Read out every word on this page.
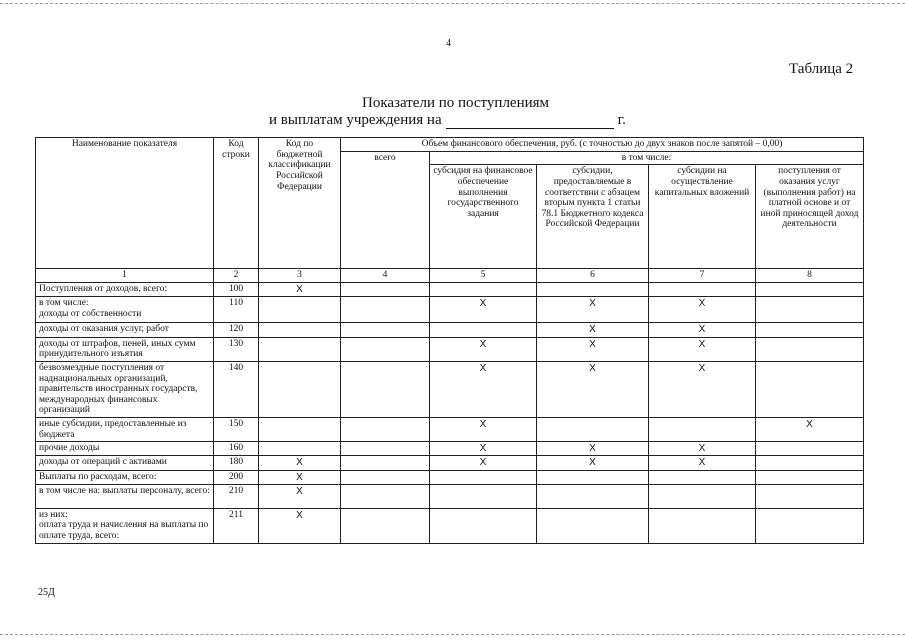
4
Таблица 2
Показатели по поступлениям
и выплатам учреждения на	г.
Наименование показателя	Код строки	Код по бюджетной классификации Российской Федерации	Объем финансового обеспечения, руб. (с точностью до двух знаков после запятой – 0,00)				
			всего	в том числе:			
				субсидия на финансовое обеспечение выполнения государственного задания	субсидии, предоставляемые в соответствии с абзацем вторым пункта 1 статьи 78.1 Бюджетного кодекса Российской Федерации	субсидии на осуществление капитальных вложений	поступления от оказания услуг (выполнения работ) на платной основе и от иной приносящей доход деятельности
1	2	3	4	5	6	7	8
Поступления от доходов, всего:	100	X					
в том числе:
доходы от собственности	110			X	X	X	
доходы от оказания услуг, работ	120				X	X	
доходы от штрафов, пеней, иных сумм принудительного изъятия	130			X	X	X	
безвозмездные поступления от наднациональных организаций, правительств иностранных государств, международных финансовых организаций	140			X	X	X	
иные субсидии, предоставленные из бюджета	150			X			X
прочие доходы	160			X	X	X	
доходы от операций с активами	180	X		X	X	X	
Выплаты по расходам, всего:	200	X					
в том числе на: выплаты персоналу, всего:	210	X					
из них:
оплата труда и начисления на выплаты по оплате труда, всего:	211	X					
25Д
